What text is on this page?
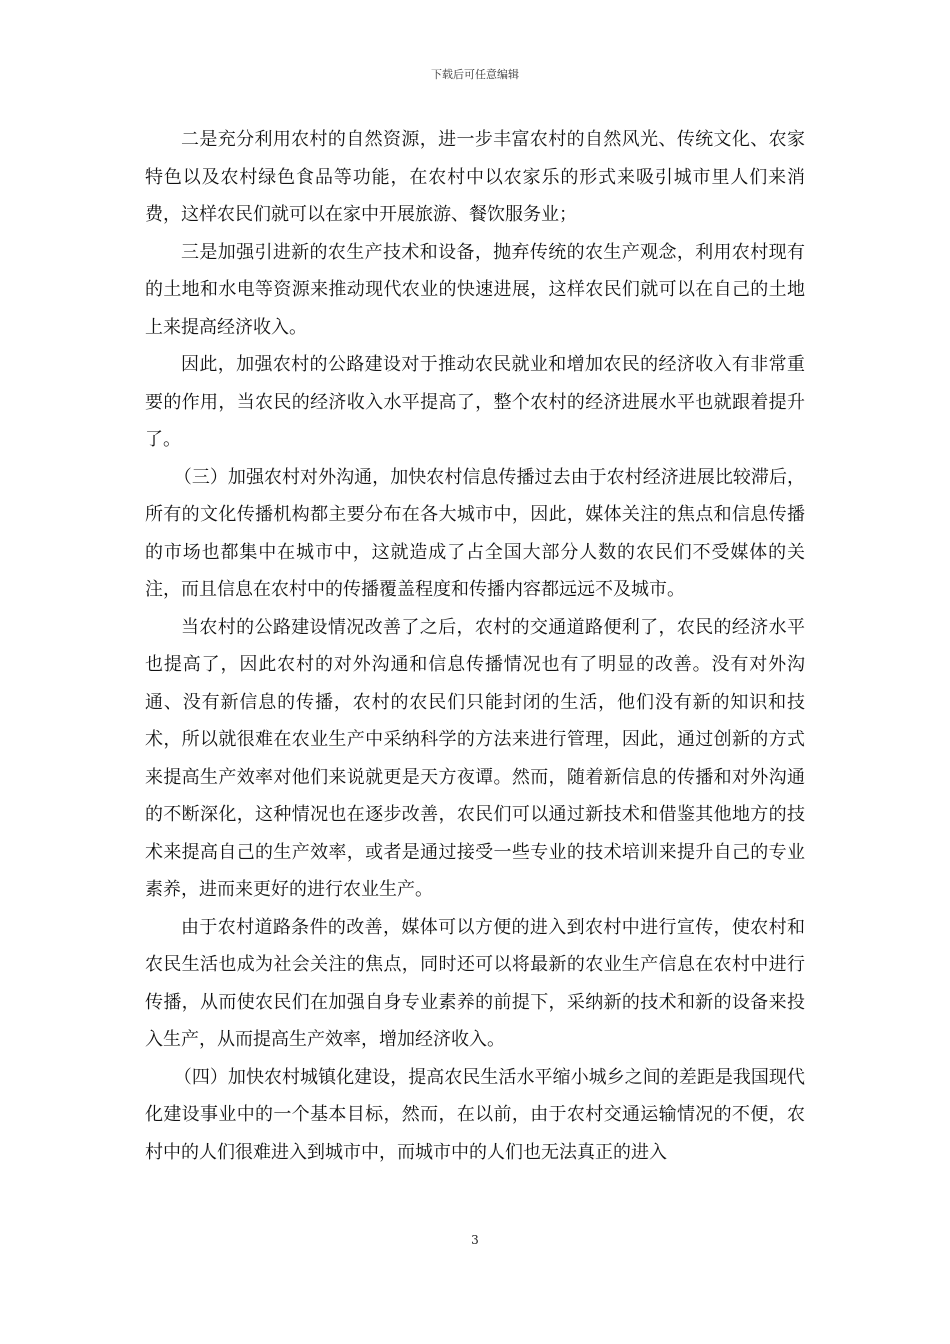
下载后可任意编辑

二是充分利用农村的自然资源，进一步丰富农村的自然风光、传统文化、农家特色以及农村绿色食品等功能，在农村中以农家乐的形式来吸引城市里人们来消费，这样农民们就可以在家中开展旅游、餐饮服务业；

三是加强引进新的农生产技术和设备，抛弃传统的农生产观念，利用农村现有的土地和水电等资源来推动现代农业的快速进展，这样农民们就可以在自己的土地上来提高经济收入。

因此，加强农村的公路建设对于推动农民就业和增加农民的经济收入有非常重要的作用，当农民的经济收入水平提高了，整个农村的经济进展水平也就跟着提升了。

（三）加强农村对外沟通，加快农村信息传播过去由于农村经济进展比较滞后，所有的文化传播机构都主要分布在各大城市中，因此，媒体关注的焦点和信息传播的市场也都集中在城市中，这就造成了占全国大部分人数的农民们不受媒体的关注，而且信息在农村中的传播覆盖程度和传播内容都远远不及城市。

当农村的公路建设情况改善了之后，农村的交通道路便利了，农民的经济水平也提高了，因此农村的对外沟通和信息传播情况也有了明显的改善。没有对外沟通、没有新信息的传播，农村的农民们只能封闭的生活，他们没有新的知识和技术，所以就很难在农业生产中采纳科学的方法来进行管理，因此，通过创新的方式来提高生产效率对他们来说就更是天方夜谭。然而，随着新信息的传播和对外沟通的不断深化，这种情况也在逐步改善，农民们可以通过新技术和借鉴其他地方的技术来提高自己的生产效率，或者是通过接受一些专业的技术培训来提升自己的专业素养，进而来更好的进行农业生产。

由于农村道路条件的改善，媒体可以方便的进入到农村中进行宣传，使农村和农民生活也成为社会关注的焦点，同时还可以将最新的农业生产信息在农村中进行传播，从而使农民们在加强自身专业素养的前提下，采纳新的技术和新的设备来投入生产，从而提高生产效率，增加经济收入。

（四）加快农村城镇化建设，提高农民生活水平缩小城乡之间的差距是我国现代化建设事业中的一个基本目标，然而，在以前，由于农村交通运输情况的不便，农村中的人们很难进入到城市中，而城市中的人们也无法真正的进入

3
